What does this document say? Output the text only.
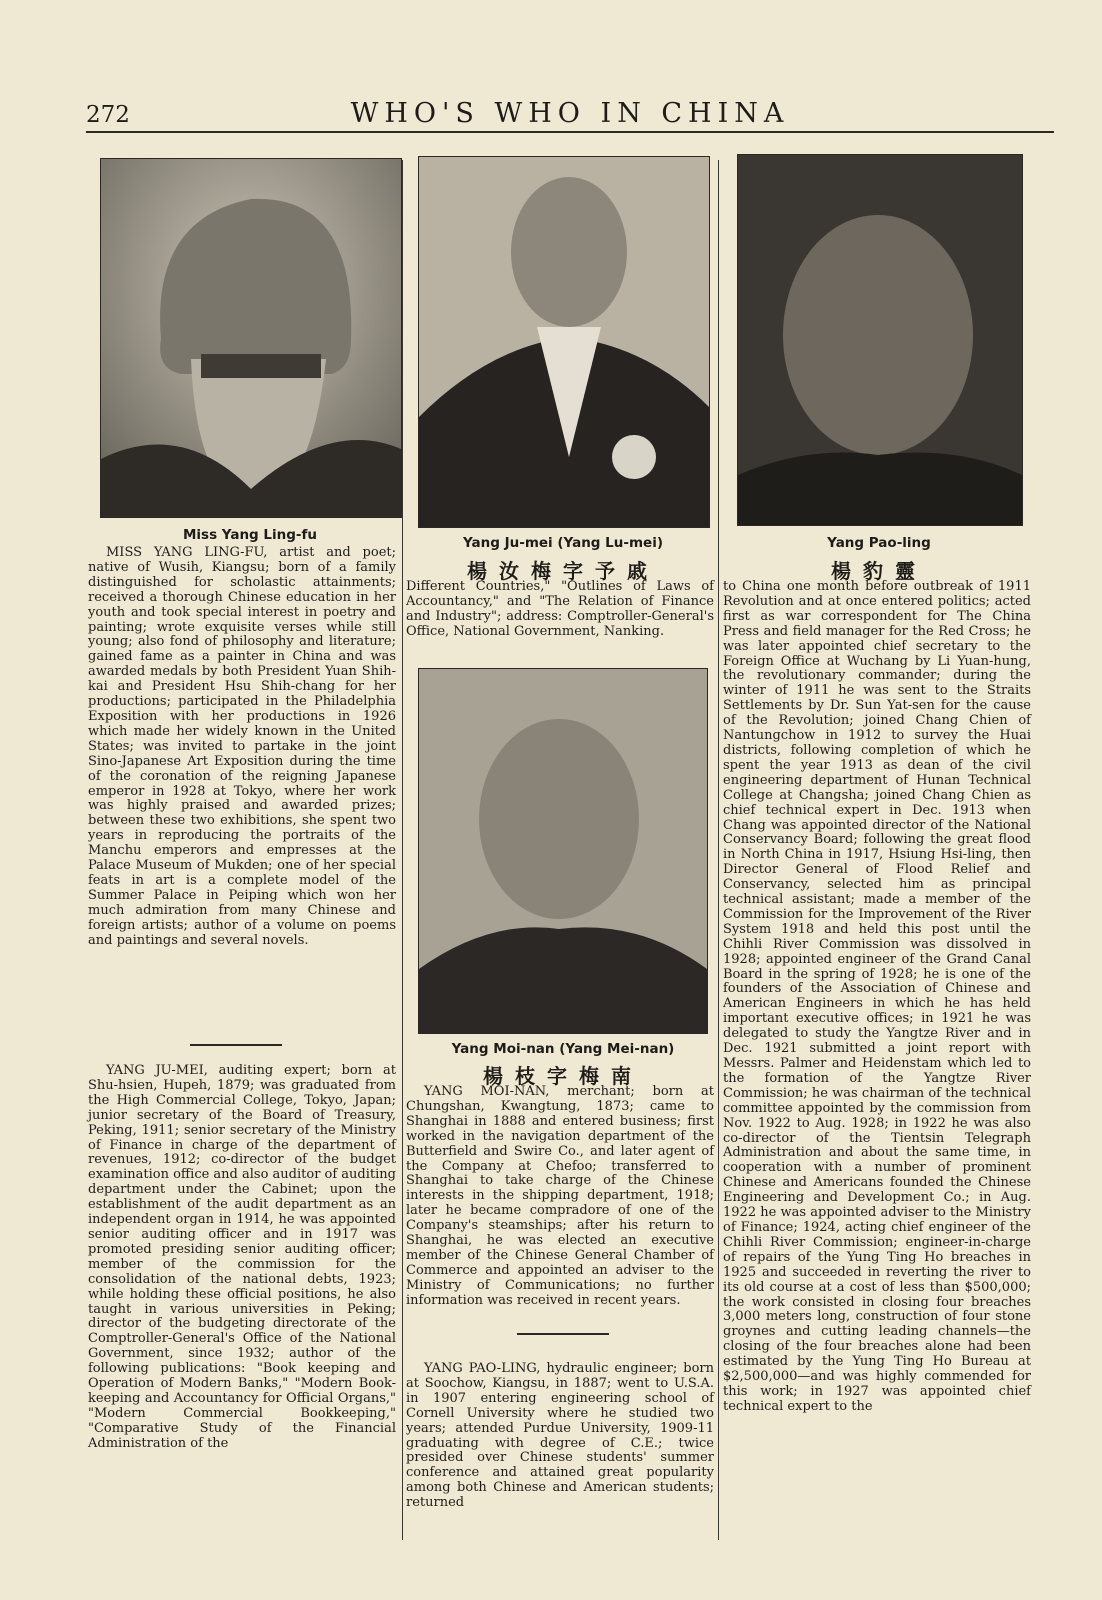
272	WHO'S WHO IN CHINA
Miss Yang Ling-fu

MISS YANG LING-FU, artist and poet; native of Wusih, Kiangsu; born of a family distinguished for scholastic attainments; received a thorough Chinese education in her youth and took special interest in poetry and painting; wrote exquisite verses while still young; also fond of philosophy and literature; gained fame as a painter in China and was awarded medals by both President Yuan Shih-kai and President Hsu Shih-chang for her productions; participated in the Philadelphia Exposition with her productions in 1926 which made her widely known in the United States; was invited to partake in the joint Sino-Japanese Art Exposition during the time of the coronation of the reigning Japanese emperor in 1928 at Tokyo, where her work was highly praised and awarded prizes; between these two exhibitions, she spent two years in reproducing the portraits of the Manchu emperors and empresses at the Palace Museum of Mukden; one of her special feats in art is a complete model of the Summer Palace in Peiping which won her much admiration from many Chinese and foreign artists; author of a volume on poems and paintings and several novels.

YANG JU-MEI, auditing expert; born at Shu-hsien, Hupeh, 1879; was graduated from the High Commercial College, Tokyo, Japan; junior secretary of the Board of Treasury, Peking, 1911; senior secretary of the Ministry of Finance in charge of the department of revenues, 1912; co-director of the budget examination office and also auditor of auditing department under the Cabinet; upon the establishment of the audit department as an independent organ in 1914, he was appointed senior auditing officer and in 1917 was promoted presiding senior auditing officer; member of the commission for the consolidation of the national debts, 1923; while holding these official positions, he also taught in various universities in Peking; director of the budgeting directorate of the Comptroller-General's Office of the National Government, since 1932; author of the following publications: "Book keeping and Operation of Modern Banks," "Modern Book-keeping and Accountancy for Official Organs," "Modern Commercial Bookkeeping," "Comparative Study of the Financial Administration of the

Yang Ju-mei (Yang Lu-mei)
楊汝梅字予戚

Different Countries," "Outlines of Laws of Accountancy," and "The Relation of Finance and Industry"; address: Comptroller-General's Office, National Government, Nanking.

Yang Moi-nan (Yang Mei-nan)
楊枝字梅南

YANG MOI-NAN, merchant; born at Chungshan, Kwangtung, 1873; came to Shanghai in 1888 and entered business; first worked in the navigation department of the Butterfield and Swire Co., and later agent of the Company at Chefoo; transferred to Shanghai to take charge of the Chinese interests in the shipping department, 1918; later he became compradore of one of the Company's steamships; after his return to Shanghai, he was elected an executive member of the Chinese General Chamber of Commerce and appointed an adviser to the Ministry of Communications; no further information was received in recent years.

YANG PAO-LING, hydraulic engineer; born at Soochow, Kiangsu, in 1887; went to U.S.A. in 1907 entering engineering school of Cornell University where he studied two years; attended Purdue University, 1909-11 graduating with degree of C.E.; twice presided over Chinese students' summer conference and attained great popularity among both Chinese and American students; returned

Yang Pao-ling
楊豹靈

to China one month before outbreak of 1911 Revolution and at once entered politics; acted first as war correspondent for The China Press and field manager for the Red Cross; he was later appointed chief secretary to the Foreign Office at Wuchang by Li Yuan-hung, the revolutionary commander; during the winter of 1911 he was sent to the Straits Settlements by Dr. Sun Yat-sen for the cause of the Revolution; joined Chang Chien of Nantungchow in 1912 to survey the Huai districts, following completion of which he spent the year 1913 as dean of the civil engineering department of Hunan Technical College at Changsha; joined Chang Chien as chief technical expert in Dec. 1913 when Chang was appointed director of the National Conservancy Board; following the great flood in North China in 1917, Hsiung Hsi-ling, then Director General of Flood Relief and Conservancy, selected him as principal technical assistant; made a member of the Commission for the Improvement of the River System 1918 and held this post until the Chihli River Commission was dissolved in 1928; appointed engineer of the Grand Canal Board in the spring of 1928; he is one of the founders of the Association of Chinese and American Engineers in which he has held important executive offices; in 1921 he was delegated to study the Yangtze River and in Dec. 1921 submitted a joint report with Messrs. Palmer and Heidenstam which led to the formation of the Yangtze River Commission; he was chairman of the technical committee appointed by the commission from Nov. 1922 to Aug. 1928; in 1922 he was also co-director of the Tientsin Telegraph Administration and about the same time, in cooperation with a number of prominent Chinese and Americans founded the Chinese Engineering and Development Co.; in Aug. 1922 he was appointed adviser to the Ministry of Finance; 1924, acting chief engineer of the Chihli River Commission; engineer-in-charge of repairs of the Yung Ting Ho breaches in 1925 and succeeded in reverting the river to its old course at a cost of less than $500,000; the work consisted in closing four breaches 3,000 meters long, construction of four stone groynes and cutting leading channels—the closing of the four breaches alone had been estimated by the Yung Ting Ho Bureau at $2,500,000—and was highly commended for this work; in 1927 was appointed chief technical expert to the
